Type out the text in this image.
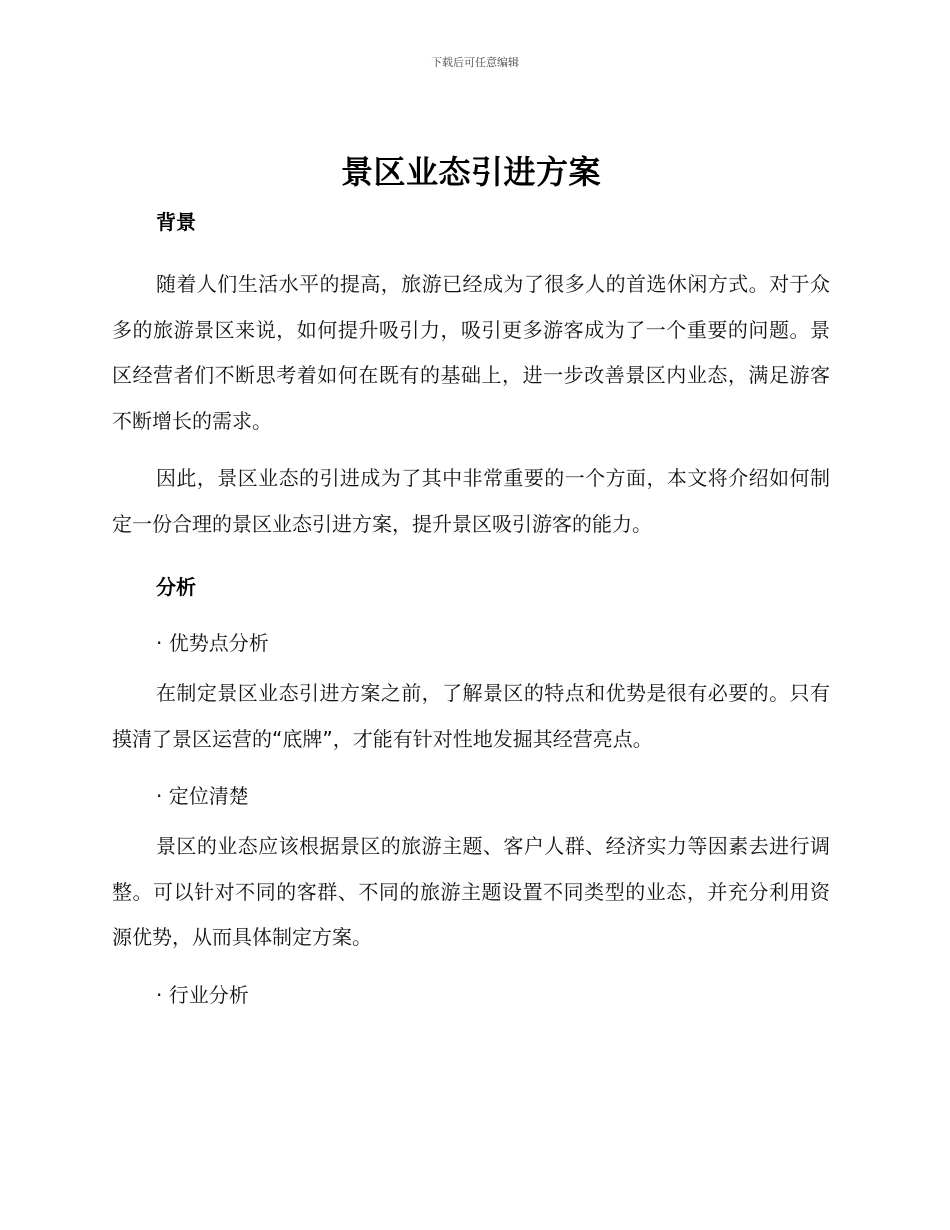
下载后可任意编辑
景区业态引进方案
背景

随着人们生活水平的提高，旅游已经成为了很多人的首选休闲方式。对于众多的旅游景区来说，如何提升吸引力，吸引更多游客成为了一个重要的问题。景区经营者们不断思考着如何在既有的基础上，进一步改善景区内业态，满足游客不断增长的需求。

因此，景区业态的引进成为了其中非常重要的一个方面，本文将介绍如何制定一份合理的景区业态引进方案，提升景区吸引游客的能力。

分析
· 优势点分析

在制定景区业态引进方案之前，了解景区的特点和优势是很有必要的。只有摸清了景区运营的“底牌”，才能有针对性地发掘其经营亮点。

· 定位清楚

景区的业态应该根据景区的旅游主题、客户人群、经济实力等因素去进行调整。可以针对不同的客群、不同的旅游主题设置不同类型的业态，并充分利用资源优势，从而具体制定方案。

· 行业分析
